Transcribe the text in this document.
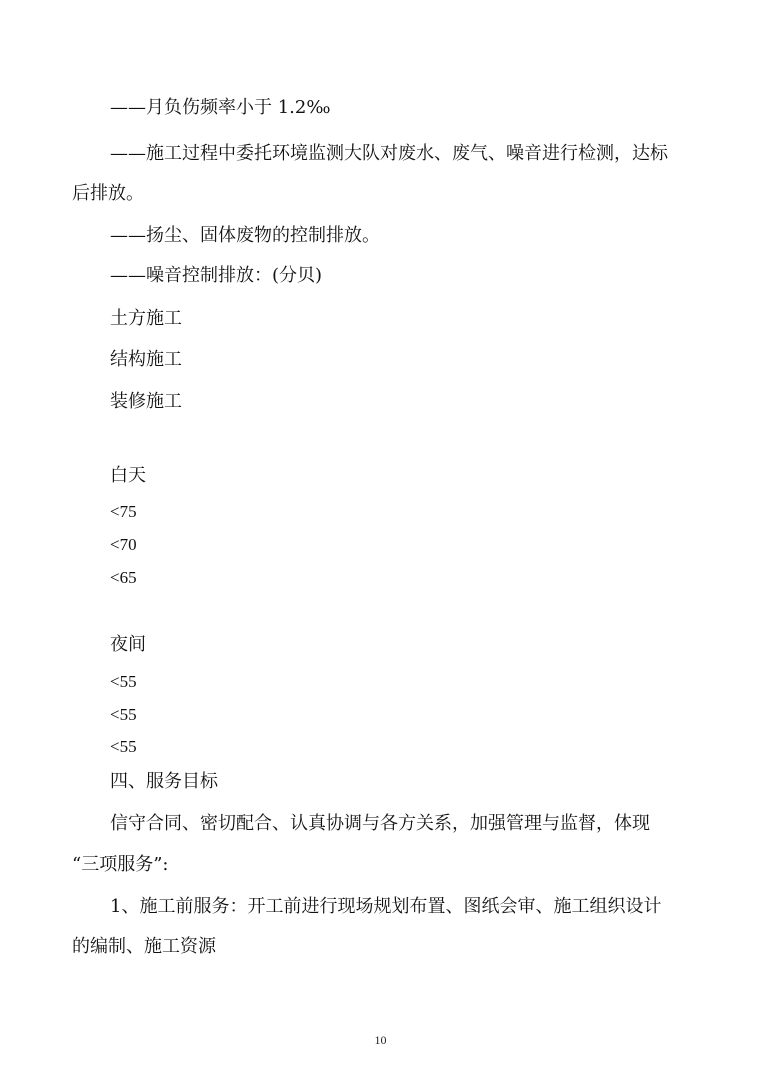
——月负伤频率小于 1.2‰
——施工过程中委托环境监测大队对废水、废气、噪音进行检测，达标
后排放。
——扬尘、固体废物的控制排放。
——噪音控制排放：(分贝)
土方施工
结构施工
装修施工
白天
<75
<70
<65
夜间
<55
<55
<55
四、服务目标
信守合同、密切配合、认真协调与各方关系，加强管理与监督，体现
“三项服务”:
1、施工前服务：开工前进行现场规划布置、图纸会审、施工组织设计
的编制、施工资源
10
